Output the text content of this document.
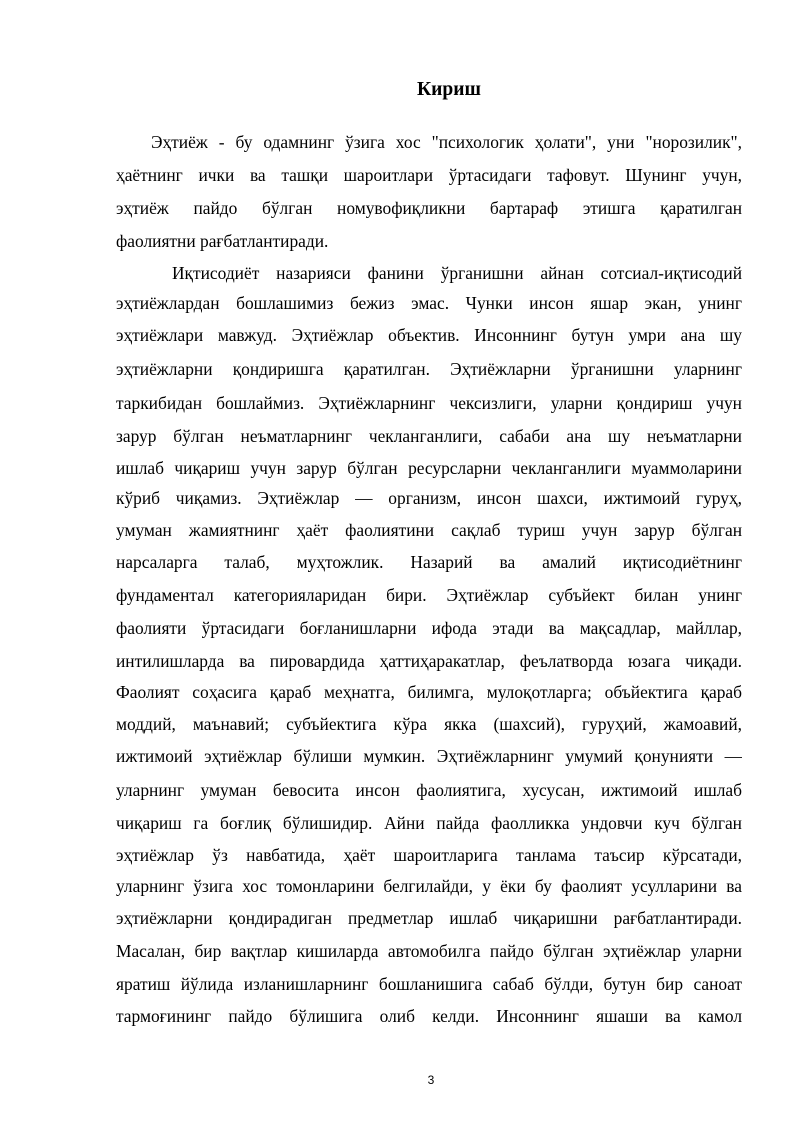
Кириш
Эҳтиёж - бу одамнинг ўзига хос "психологик ҳолати", уни "норозилик",
ҳаётнинг ички ва ташқи шароитлари ўртасидаги тафовут. Шунинг учун,
эҳтиёж пайдо бўлган номувофиқликни бартараф этишга қаратилган
фаолиятни рағбатлантиради.
Иқтисодиёт назарияси фанини ўрганишни айнан сотсиал-иқтисодий
эҳтиёжлардан бошлашимиз бежиз эмас. Чунки инсон яшар экан, унинг
эҳтиёжлари мавжуд. Эҳтиёжлар объектив. Инсоннинг бутун умри ана шу
эҳтиёжларни қондиришга қаратилган. Эҳтиёжларни ўрганишни уларнинг
таркибидан бошлаймиз. Эҳтиёжларнинг чексизлиги, уларни қондириш учун
зарур бўлган неъматларнинг чекланганлиги, сабаби ана шу неъматларни
ишлаб чиқариш учун зарур бўлган ресурсларни чекланганлиги муаммоларини
кўриб чиқамиз. Эҳтиёжлар — организм, инсон шахси, ижтимоий гуруҳ,
умуман жамиятнинг ҳаёт фаолиятини сақлаб туриш учун зарур бўлган
нарсаларга талаб, муҳтожлик. Назарий ва амалий иқтисодиётнинг
фундаментал категорияларидан бири. Эҳтиёжлар субъйект билан унинг
фаолияти ўртасидаги боғланишларни ифода этади ва мақсадлар, майллар,
интилишларда ва пировардида ҳаттиҳаракатлар, феълатворда юзага чиқади.
Фаолият соҳасига қараб меҳнатга, билимга, мулоқотларга; объйектига қараб
моддий, маънавий; субъйектига кўра якка (шахсий), гуруҳий, жамоавий,
ижтимоий эҳтиёжлар бўлиши мумкин. Эҳтиёжларнинг умумий қонунияти —
уларнинг умуман бевосита инсон фаолиятига, хусусан, ижтимоий ишлаб
чиқариш га боғлиқ бўлишидир. Айни пайда фаолликка ундовчи куч бўлган
эҳтиёжлар ўз навбатида, ҳаёт шароитларига танлама таъсир кўрсатади,
уларнинг ўзига хос томонларини белгилайди, у ёки бу фаолият усулларини ва
эҳтиёжларни қондирадиган предметлар ишлаб чиқаришни рағбатлантиради.
Масалан, бир вақтлар кишиларда автомобилга пайдо бўлган эҳтиёжлар уларни
яратиш йўлида изланишларнинг бошланишига сабаб бўлди, бутун бир саноат
тармоғининг пайдо бўлишига олиб келди. Инсоннинг яшаши ва камол
3
